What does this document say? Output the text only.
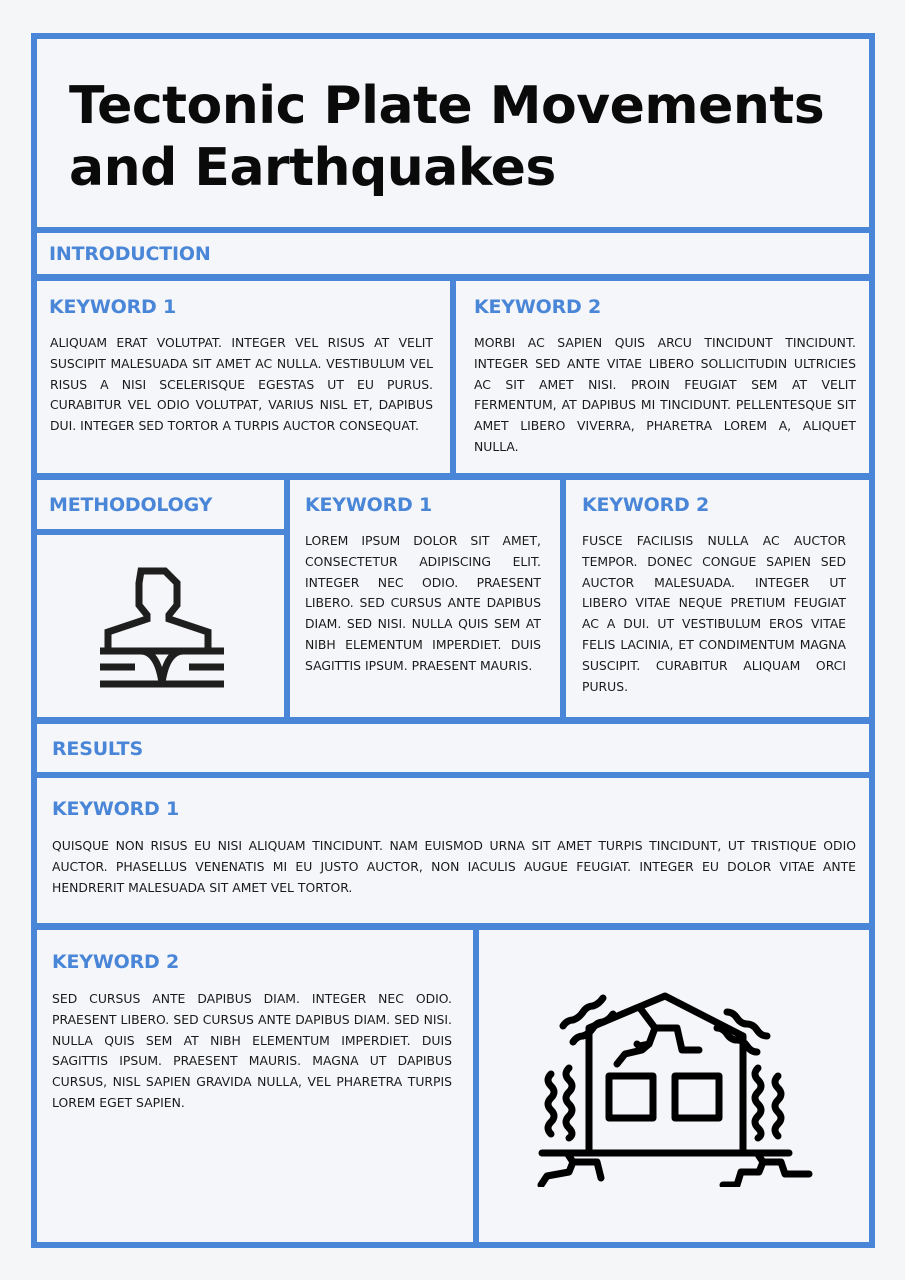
Tectonic Plate Movements
and Earthquakes
INTRODUCTION
KEYWORD 1
ALIQUAM ERAT VOLUTPAT. INTEGER VEL RISUS AT VELIT SUSCIPIT MALESUADA SIT AMET AC NULLA. VESTIBULUM VEL RISUS A NISI SCELERISQUE EGESTAS UT EU PURUS. CURABITUR VEL ODIO VOLUTPAT, VARIUS NISL ET, DAPIBUS DUI. INTEGER SED TORTOR A TURPIS AUCTOR CONSEQUAT.
KEYWORD 2
MORBI AC SAPIEN QUIS ARCU TINCIDUNT TINCIDUNT. INTEGER SED ANTE VITAE LIBERO SOLLICITUDIN ULTRICIES AC SIT AMET NISI. PROIN FEUGIAT SEM AT VELIT FERMENTUM, AT DAPIBUS MI TINCIDUNT. PELLENTESQUE SIT AMET LIBERO VIVERRA, PHARETRA LOREM A, ALIQUET NULLA.
METHODOLOGY	KEYWORD 1
LOREM IPSUM DOLOR SIT AMET, CONSECTETUR ADIPISCING ELIT. INTEGER NEC ODIO. PRAESENT LIBERO. SED CURSUS ANTE DAPIBUS DIAM. SED NISI. NULLA QUIS SEM AT NIBH ELEMENTUM IMPERDIET. DUIS SAGITTIS IPSUM. PRAESENT MAURIS.
KEYWORD 2
FUSCE FACILISIS NULLA AC AUCTOR TEMPOR. DONEC CONGUE SAPIEN SED AUCTOR MALESUADA. INTEGER UT LIBERO VITAE NEQUE PRETIUM FEUGIAT AC A DUI. UT VESTIBULUM EROS VITAE FELIS LACINIA, ET CONDIMENTUM MAGNA SUSCIPIT. CURABITUR ALIQUAM ORCI PURUS.
RESULTS
KEYWORD 1
QUISQUE NON RISUS EU NISI ALIQUAM TINCIDUNT. NAM EUISMOD URNA SIT AMET TURPIS TINCIDUNT, UT TRISTIQUE ODIO AUCTOR. PHASELLUS VENENATIS MI EU JUSTO AUCTOR, NON IACULIS AUGUE FEUGIAT. INTEGER EU DOLOR VITAE ANTE HENDRERIT MALESUADA SIT AMET VEL TORTOR.
KEYWORD 2
SED CURSUS ANTE DAPIBUS DIAM. INTEGER NEC ODIO. PRAESENT LIBERO. SED CURSUS ANTE DAPIBUS DIAM. SED NISI. NULLA QUIS SEM AT NIBH ELEMENTUM IMPERDIET. DUIS SAGITTIS IPSUM. PRAESENT MAURIS. MAGNA UT DAPIBUS CURSUS, NISL SAPIEN GRAVIDA NULLA, VEL PHARETRA TURPIS LOREM EGET SAPIEN.
